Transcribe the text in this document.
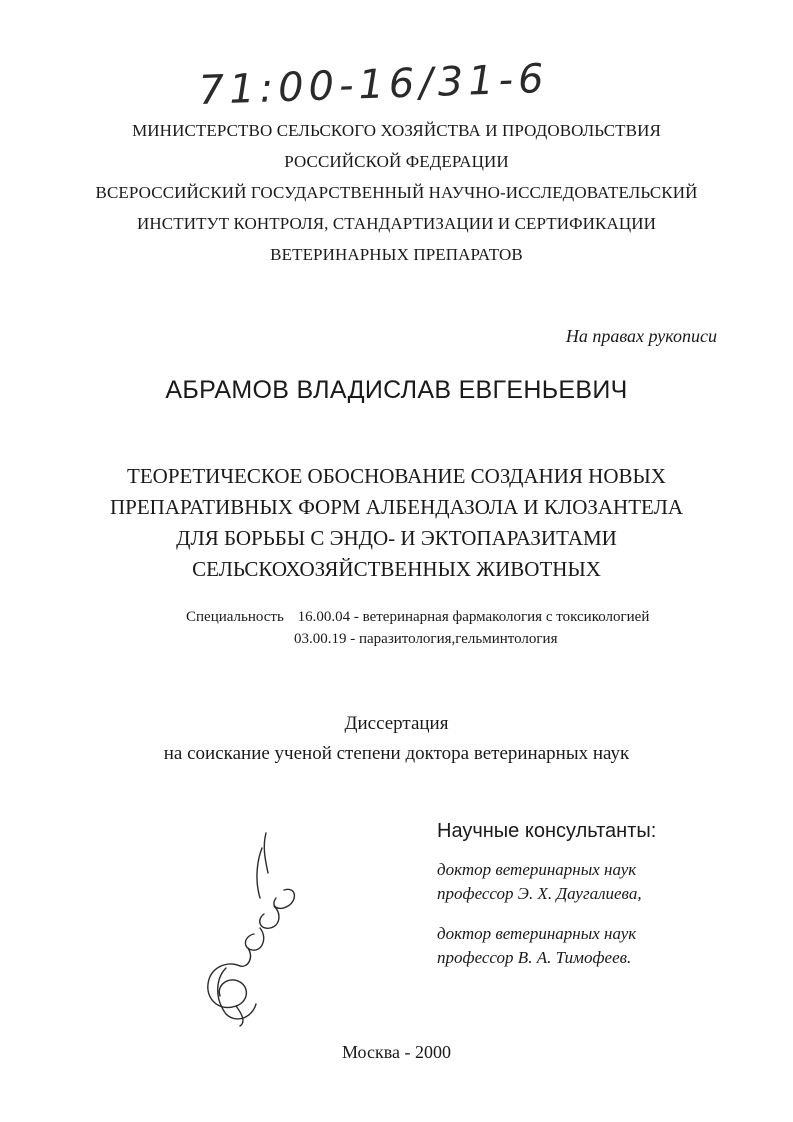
71:00-16/31-6
МИНИСТЕРСТВО СЕЛЬСКОГО ХОЗЯЙСТВА И ПРОДОВОЛЬСТВИЯ
РОССИЙСКОЙ ФЕДЕРАЦИИ
ВСЕРОССИЙСКИЙ ГОСУДАРСТВЕННЫЙ НАУЧНО-ИССЛЕДОВАТЕЛЬСКИЙ
ИНСТИТУТ КОНТРОЛЯ, СТАНДАРТИЗАЦИИ И СЕРТИФИКАЦИИ
ВЕТЕРИНАРНЫХ ПРЕПАРАТОВ
На правах рукописи
АБРАМОВ ВЛАДИСЛАВ ЕВГЕНЬЕВИЧ
ТЕОРЕТИЧЕСКОЕ ОБОСНОВАНИЕ СОЗДАНИЯ НОВЫХ
ПРЕПАРАТИВНЫХ ФОРМ АЛБЕНДАЗОЛА И КЛОЗАНТЕЛА
ДЛЯ БОРЬБЫ С ЭНДО- И ЭКТОПАРАЗИТАМИ
СЕЛЬСКОХОЗЯЙСТВЕННЫХ ЖИВОТНЫХ
Специальность 16.00.04 - ветеринарная фармакология с токсикологией
03.00.19 - паразитология,гельминтология
Диссертация
на соискание ученой степени доктора ветеринарных наук
Научные консультанты:
доктор ветеринарных наук
профессор Э. Х. Даугалиева,
доктор ветеринарных наук
профессор В. А. Тимофеев.
Москва - 2000
